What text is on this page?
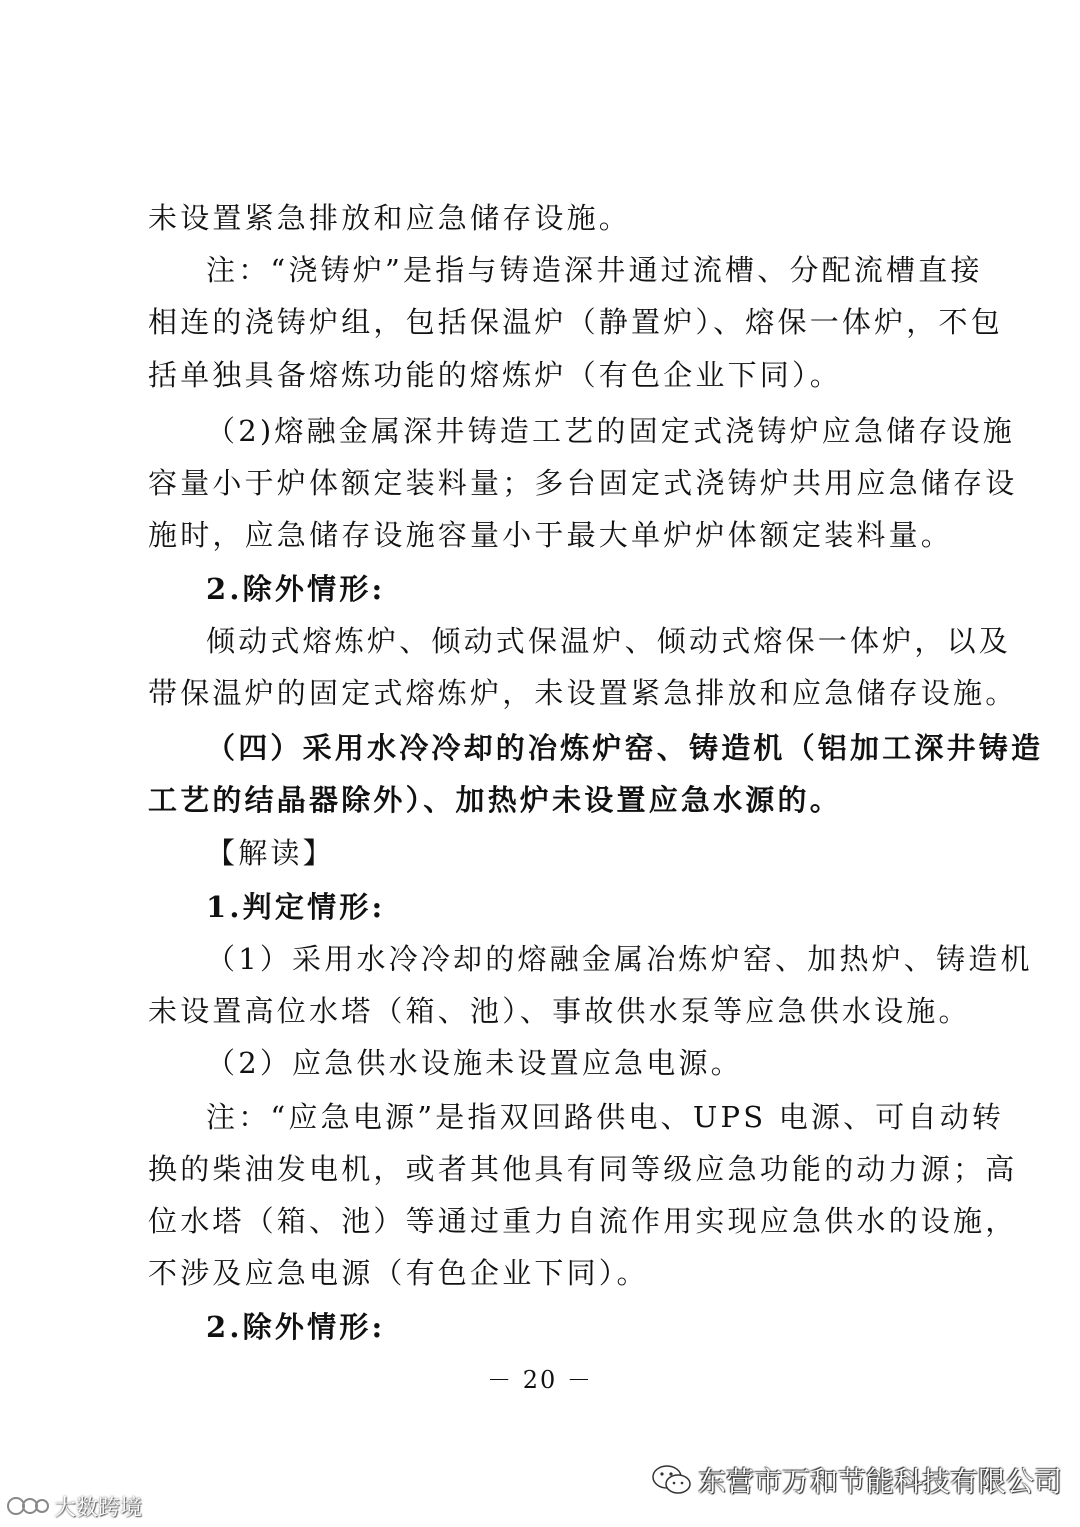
未设置紧急排放和应急储存设施。
注：“浇铸炉”是指与铸造深井通过流槽、分配流槽直接
相连的浇铸炉组，包括保温炉（静置炉）、熔保一体炉，不包
括单独具备熔炼功能的熔炼炉（有色企业下同）。
（2)熔融金属深井铸造工艺的固定式浇铸炉应急储存设施
容量小于炉体额定装料量；多台固定式浇铸炉共用应急储存设
施时，应急储存设施容量小于最大单炉炉体额定装料量。
2.除外情形:
倾动式熔炼炉、倾动式保温炉、倾动式熔保一体炉，以及
带保温炉的固定式熔炼炉，未设置紧急排放和应急储存设施。
（四）采用水冷冷却的冶炼炉窑、铸造机（铝加工深井铸造
工艺的结晶器除外）、加热炉未设置应急水源的。
【解读】
1.判定情形:
（1）采用水冷冷却的熔融金属冶炼炉窑、加热炉、铸造机
未设置高位水塔（箱、池）、事故供水泵等应急供水设施。
（2）应急供水设施未设置应急电源。
注：“应急电源”是指双回路供电、UPS 电源、可自动转
换的柴油发电机，或者其他具有同等级应急功能的动力源；高
位水塔（箱、池）等通过重力自流作用实现应急供水的设施，
不涉及应急电源（有色企业下同）。
2.除外情形:
－ 20 －
东营市万和节能科技有限公司
大数跨境
